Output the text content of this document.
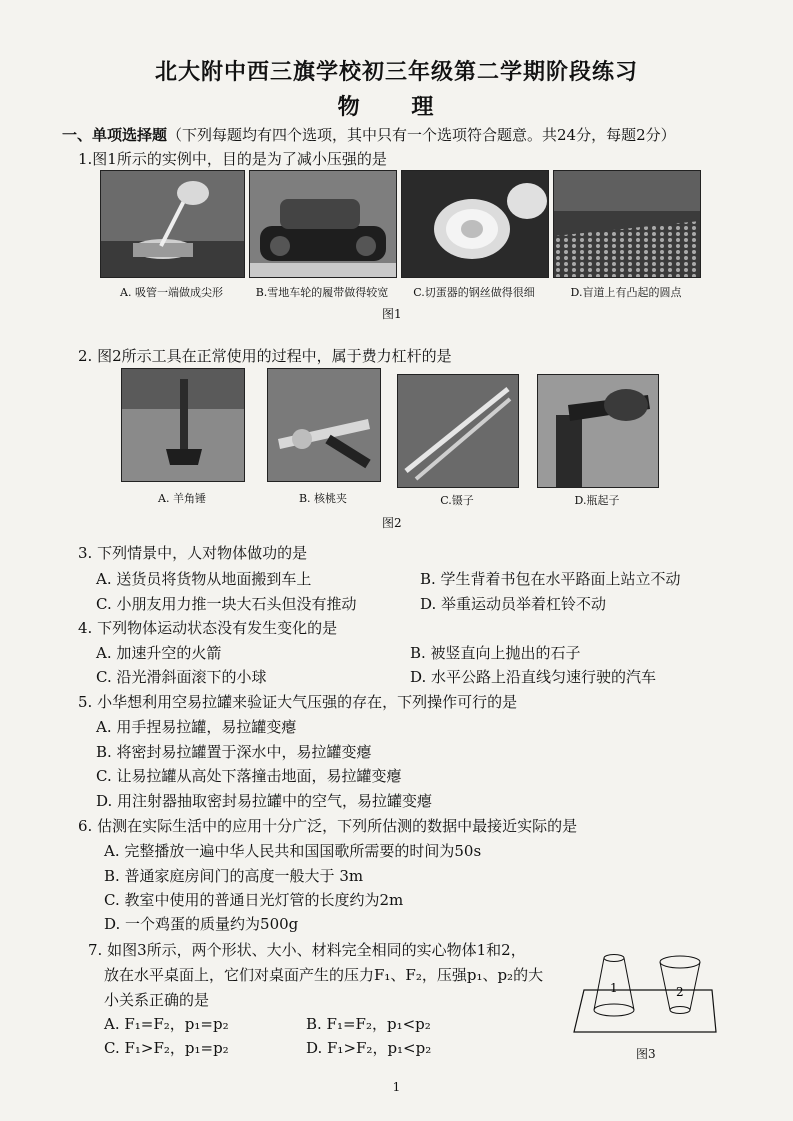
北大附中西三旗学校初三年级第二学期阶段练习
物 理
一、单项选择题（下列每题均有四个选项，其中只有一个选项符合题意。共24分，每题2分）
1.图1所示的实例中，目的是为了减小压强的是
A. 吸管一端做成尖形	B.雪地车轮的履带做得较宽	C.切蛋器的钢丝做得很细	D.盲道上有凸起的圆点
图1
2. 图2所示工具在正常使用的过程中，属于费力杠杆的是
A. 羊角锤	B. 核桃夹	C.镊子	D.瓶起子
图2
3. 下列情景中，人对物体做功的是
A. 送货员将货物从地面搬到车上	B. 学生背着书包在水平路面上站立不动
C. 小朋友用力推一块大石头但没有推动	D. 举重运动员举着杠铃不动
4. 下列物体运动状态没有发生变化的是
A. 加速升空的火箭	B. 被竖直向上抛出的石子
C. 沿光滑斜面滚下的小球	D. 水平公路上沿直线匀速行驶的汽车
5. 小华想利用空易拉罐来验证大气压强的存在，下列操作可行的是
A. 用手捏易拉罐，易拉罐变瘪
B. 将密封易拉罐置于深水中，易拉罐变瘪
C. 让易拉罐从高处下落撞击地面，易拉罐变瘪
D. 用注射器抽取密封易拉罐中的空气，易拉罐变瘪
6. 估测在实际生活中的应用十分广泛，下列所估测的数据中最接近实际的是
A. 完整播放一遍中华人民共和国国歌所需要的时间为50s
B. 普通家庭房间门的高度一般大于 3m
C. 教室中使用的普通日光灯管的长度约为2m
D. 一个鸡蛋的质量约为500g
7. 如图3所示，两个形状、大小、材料完全相同的实心物体1和2，
放在水平桌面上，它们对桌面产生的压力F₁、F₂，压强p₁、p₂的大
小关系正确的是
A. F₁=F₂，p₁=p₂	B. F₁=F₂，p₁<p₂
C. F₁>F₂，p₁=p₂	D. F₁>F₂，p₁<p₂
1	2
图3
1
